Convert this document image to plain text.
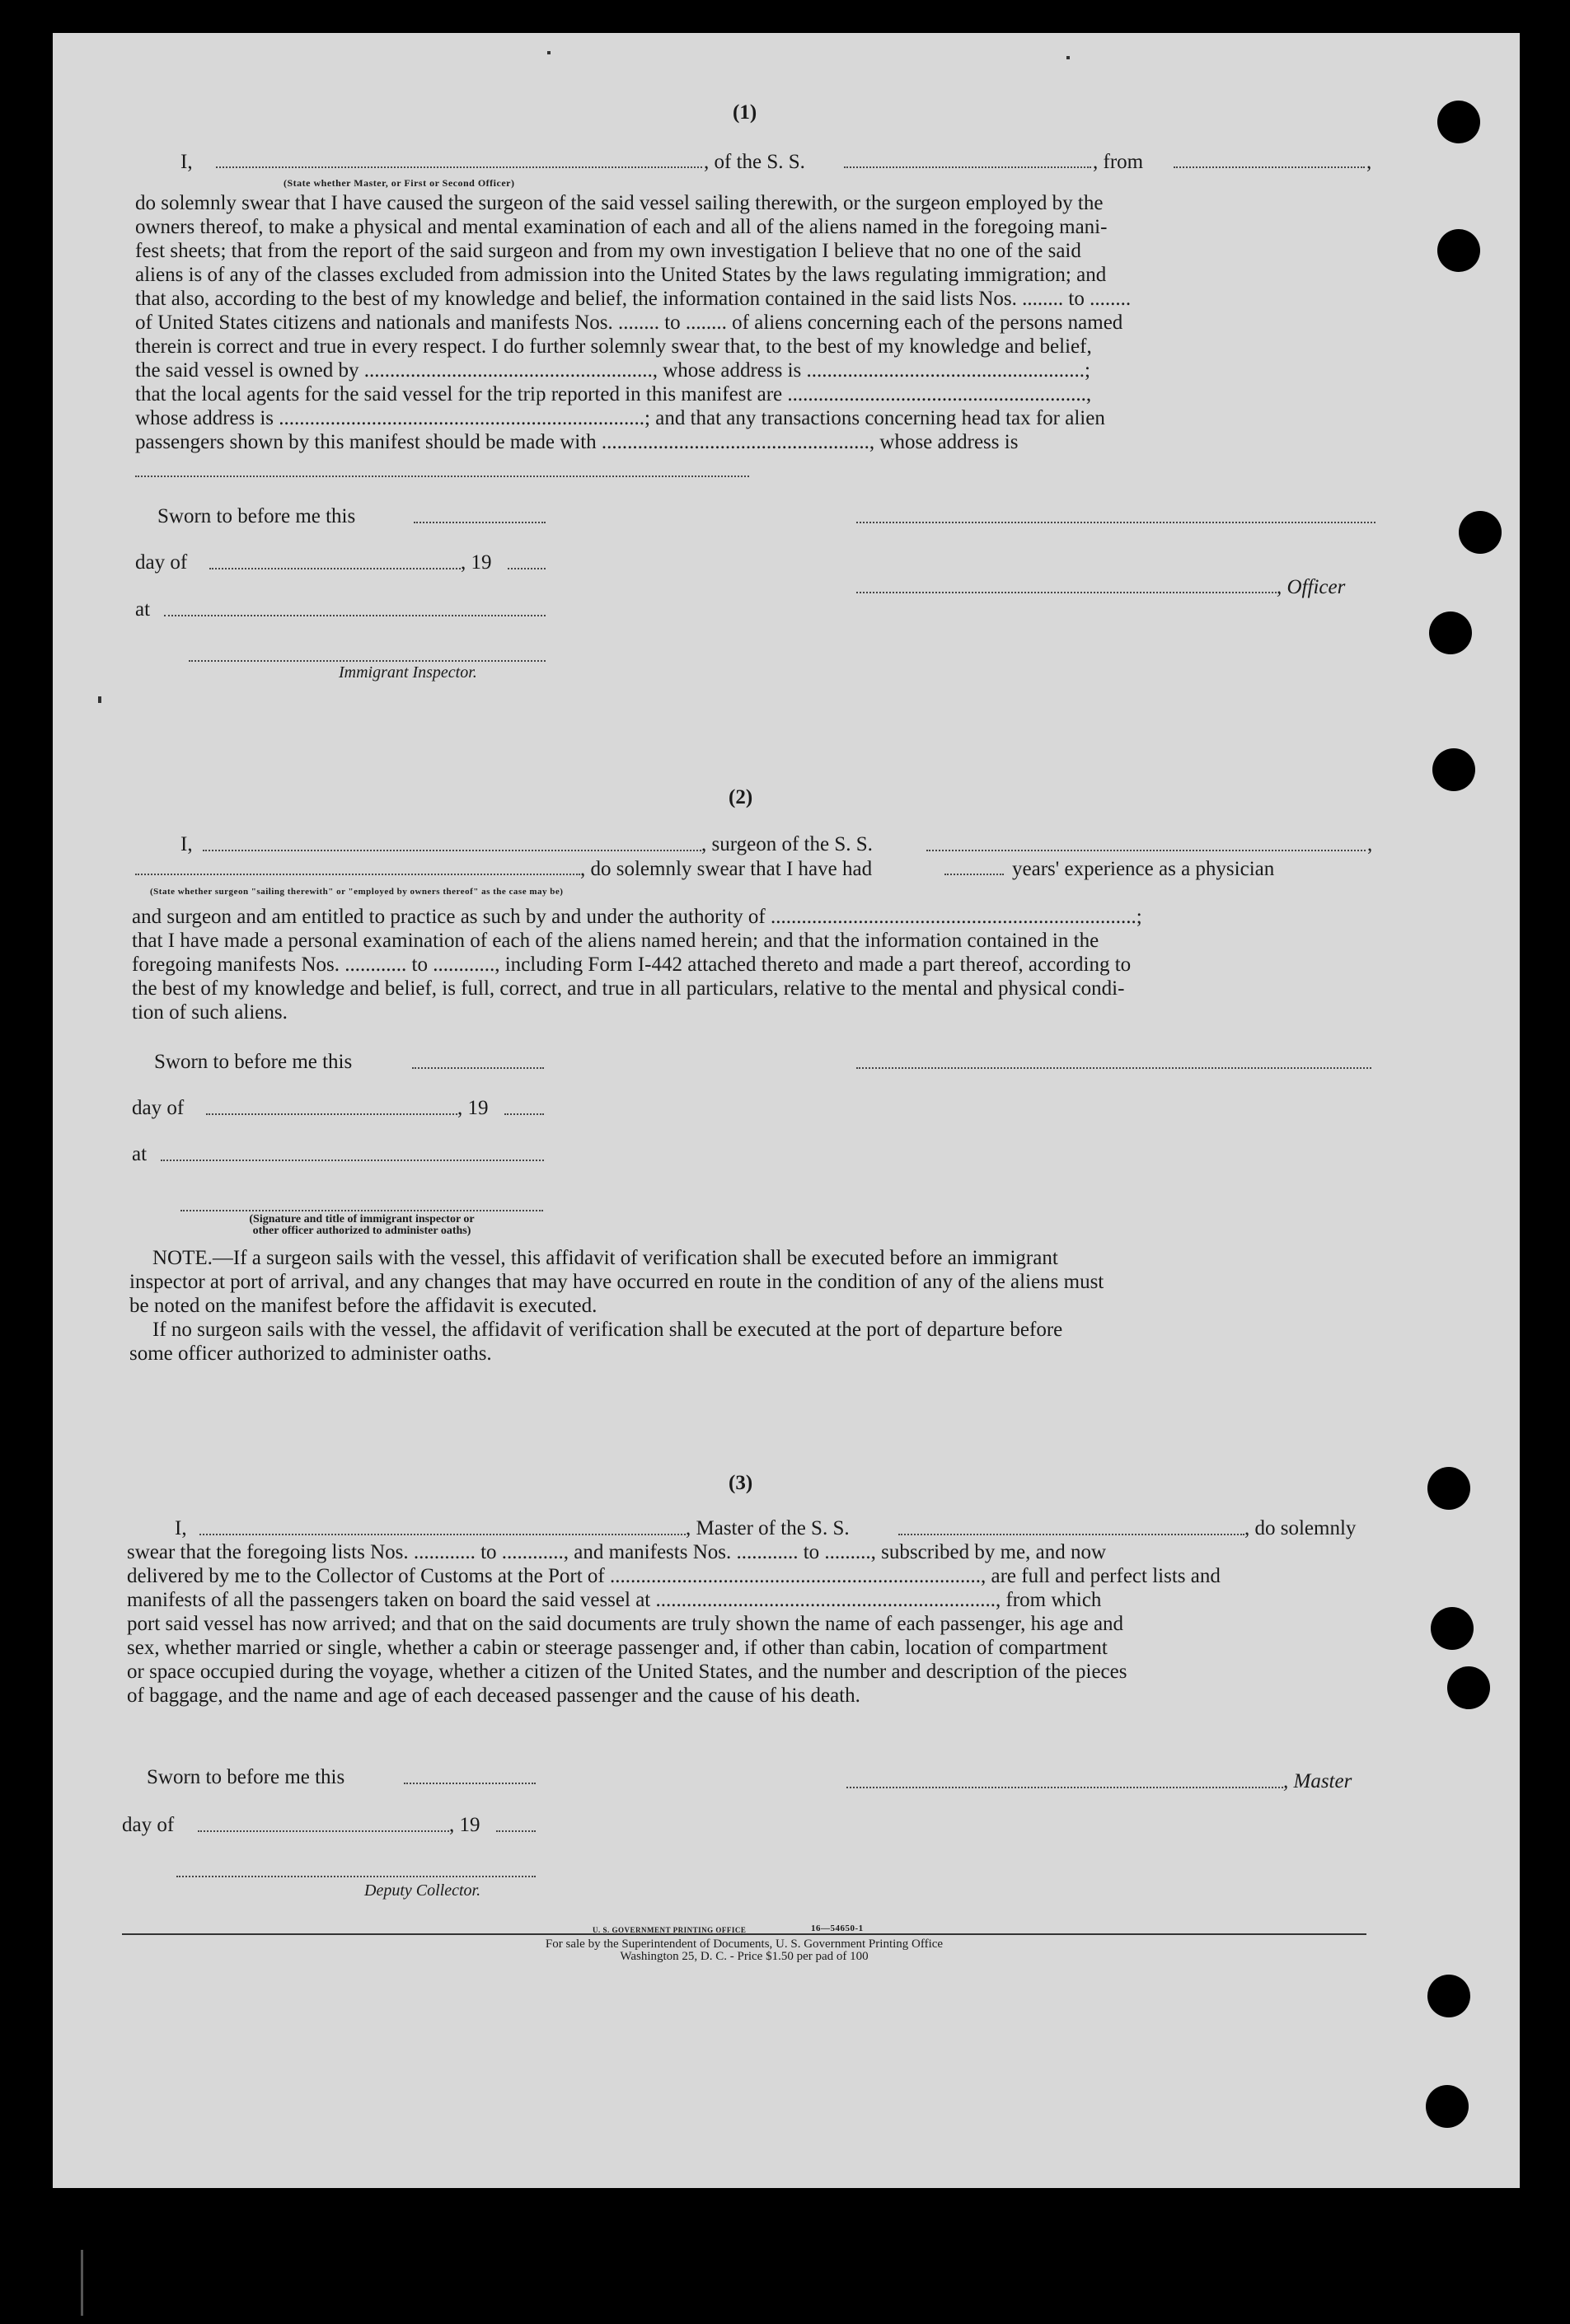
(1)
I,	, of the S. S.	, from	,
(State whether Master, or First or Second Officer)

do solemnly swear that I have caused the surgeon of the said vessel sailing therewith, or the surgeon employed by the

owners thereof, to make a physical and mental examination of each and all of the aliens named in the foregoing mani-

fest sheets; that from the report of the said surgeon and from my own investigation I believe that no one of the said

aliens is of any of the classes excluded from admission into the United States by the laws regulating immigration; and

that also, according to the best of my knowledge and belief, the information contained in the said lists Nos. ........ to ........

of United States citizens and nationals and manifests Nos. ........ to ........ of aliens concerning each of the persons named

therein is correct and true in every respect. I do further solemnly swear that, to the best of my knowledge and belief,

the said vessel is owned by ........................................................, whose address is ......................................................;

that the local agents for the said vessel for the trip reported in this manifest are ..........................................................,

whose address is .......................................................................; and that any transactions concerning head tax for alien

passengers shown by this manifest should be made with ...................................................., whose address is

Sworn to before me this
day of	, 19
, Officer
at
Immigrant Inspector.
(2)
I,	, surgeon of the S. S.	,
, do solemnly swear that I have had	years' experience as a physician
(State whether surgeon "sailing therewith" or "employed by owners thereof" as the case may be)

and surgeon and am entitled to practice as such by and under the authority of .......................................................................;

that I have made a personal examination of each of the aliens named herein; and that the information contained in the

foregoing manifests Nos. ............ to ............, including Form I-442 attached thereto and made a part thereof, according to

the best of my knowledge and belief, is full, correct, and true in all particulars, relative to the mental and physical condi-

tion of such aliens.

Sworn to before me this
day of	, 19
at
(Signature and title of immigrant inspector or
other officer authorized to administer oaths)

NOTE.—If a surgeon sails with the vessel, this affidavit of verification shall be executed before an immigrant

inspector at port of arrival, and any changes that may have occurred en route in the condition of any of the aliens must

be noted on the manifest before the affidavit is executed.

If no surgeon sails with the vessel, the affidavit of verification shall be executed at the port of departure before

some officer authorized to administer oaths.

(3)
I,	, Master of the S. S.	, do solemnly

swear that the foregoing lists Nos. ............ to ............, and manifests Nos. ............ to ........., subscribed by me, and now

delivered by me to the Collector of Customs at the Port of ........................................................................, are full and perfect lists and

manifests of all the passengers taken on board the said vessel at .................................................................., from which

port said vessel has now arrived; and that on the said documents are truly shown the name of each passenger, his age and

sex, whether married or single, whether a cabin or steerage passenger and, if other than cabin, location of compartment

or space occupied during the voyage, whether a citizen of the United States, and the number and description of the pieces

of baggage, and the name and age of each deceased passenger and the cause of his death.

Sworn to before me this	, Master
day of	, 19
Deputy Collector.
U. S. GOVERNMENT PRINTING OFFICE	16—54650-1
For sale by the Superintendent of Documents, U. S. Government Printing Office
Washington 25, D. C. - Price $1.50 per pad of 100
